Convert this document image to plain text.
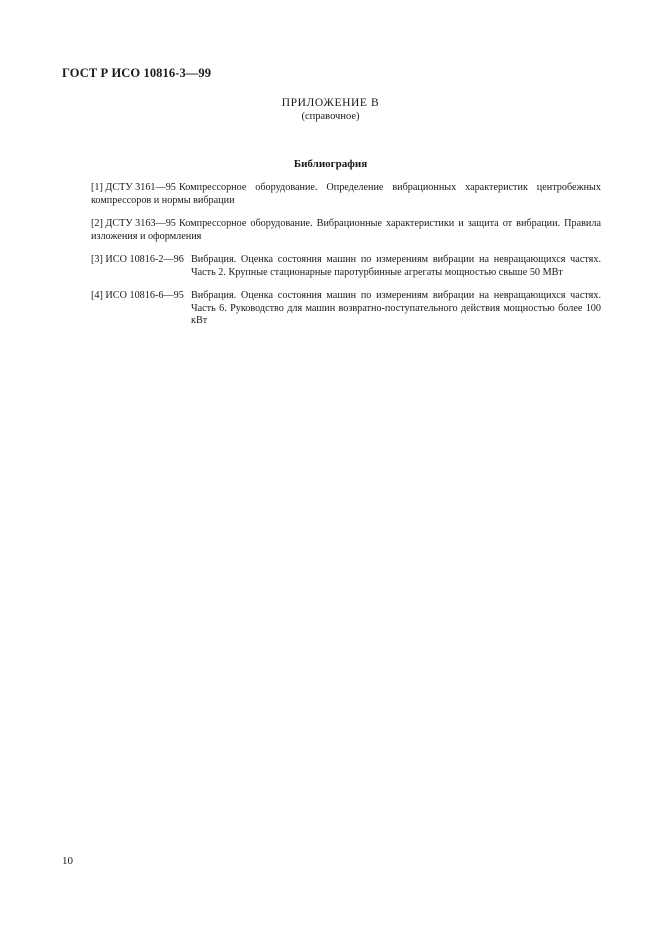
ГОСТ Р ИСО 10816-3—99
ПРИЛОЖЕНИЕ В
(справочное)
Библиография
[1] ДСТУ 3161—95 Компрессорное оборудование. Определение вибрационных характеристик центробежных компрессоров и нормы вибрации
[2] ДСТУ 3163—95 Компрессорное оборудование. Вибрационные характеристики и защита от вибрации. Правила изложения и оформления
[3] ИСО 10816-2—96 Вибрация. Оценка состояния машин по измерениям вибрации на невращающихся частях. Часть 2. Крупные стационарные паротурбинные агрегаты мощностью свыше 50 МВт
[4] ИСО 10816-6—95 Вибрация. Оценка состояния машин по измерениям вибрации на невращающихся частях. Часть 6. Руководство для машин возвратно-поступательного действия мощностью более 100 кВт
10
